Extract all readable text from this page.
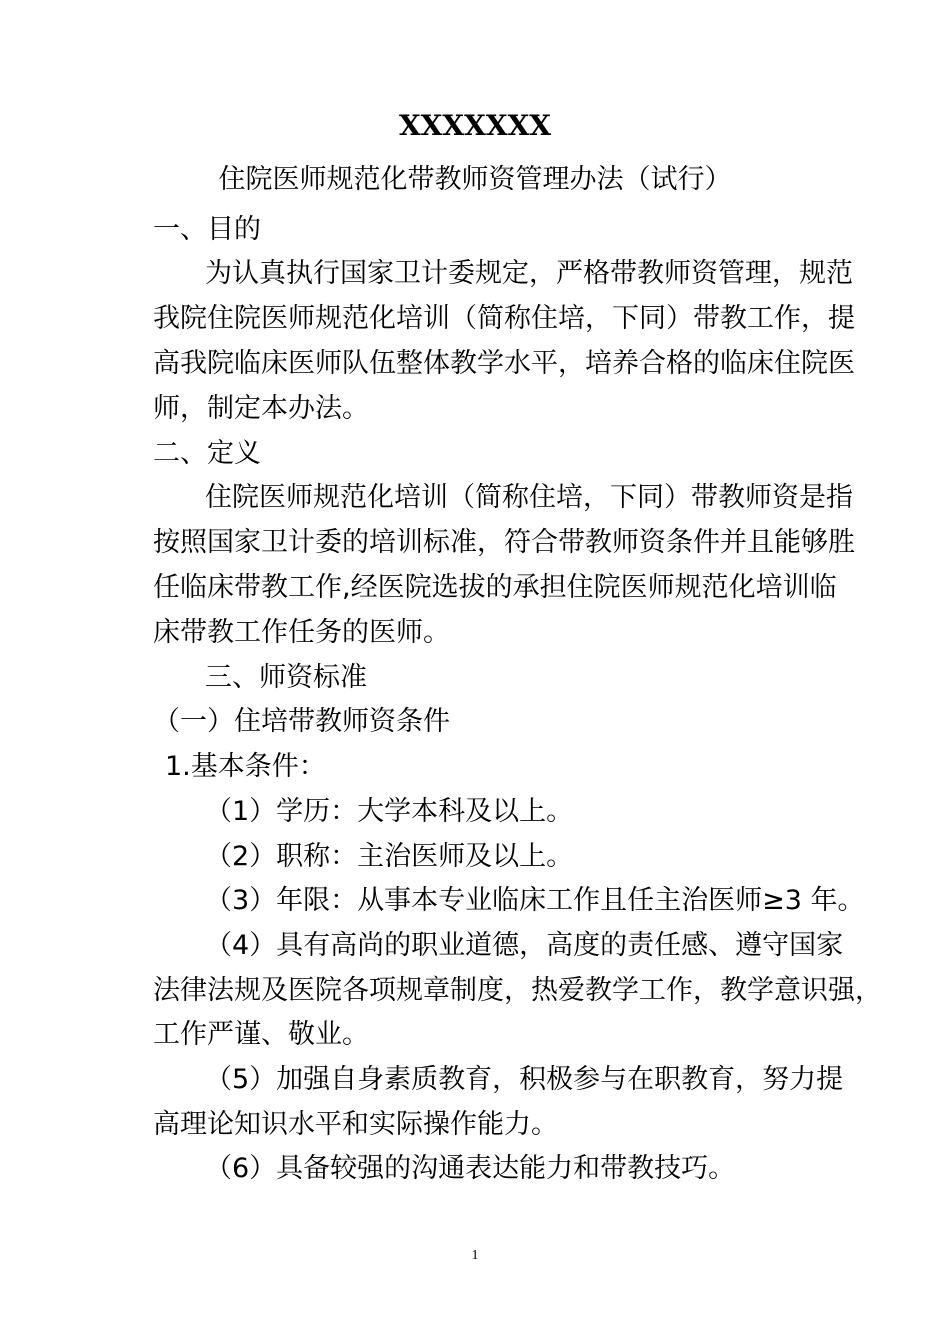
XXXXXXX
住院医师规范化带教师资管理办法（试行）
一、目的
为认真执行国家卫计委规定，严格带教师资管理，规范
我院住院医师规范化培训（简称住培，下同）带教工作，提
高我院临床医师队伍整体教学水平，培养合格的临床住院医
师，制定本办法。
二、定义
住院医师规范化培训（简称住培，下同）带教师资是指
按照国家卫计委的培训标准，符合带教师资条件并且能够胜
任临床带教工作,经医院选拔的承担住院医师规范化培训临
床带教工作任务的医师。
三、师资标准
（一）住培带教师资条件
1.基本条件：
（1）学历：大学本科及以上。
（2）职称：主治医师及以上。
（3）年限：从事本专业临床工作且任主治医师≥3 年。
（4）具有高尚的职业道德，高度的责任感、遵守国家
法律法规及医院各项规章制度，热爱教学工作，教学意识强，
工作严谨、敬业。
（5）加强自身素质教育，积极参与在职教育，努力提
高理论知识水平和实际操作能力。
（6）具备较强的沟通表达能力和带教技巧。
1
